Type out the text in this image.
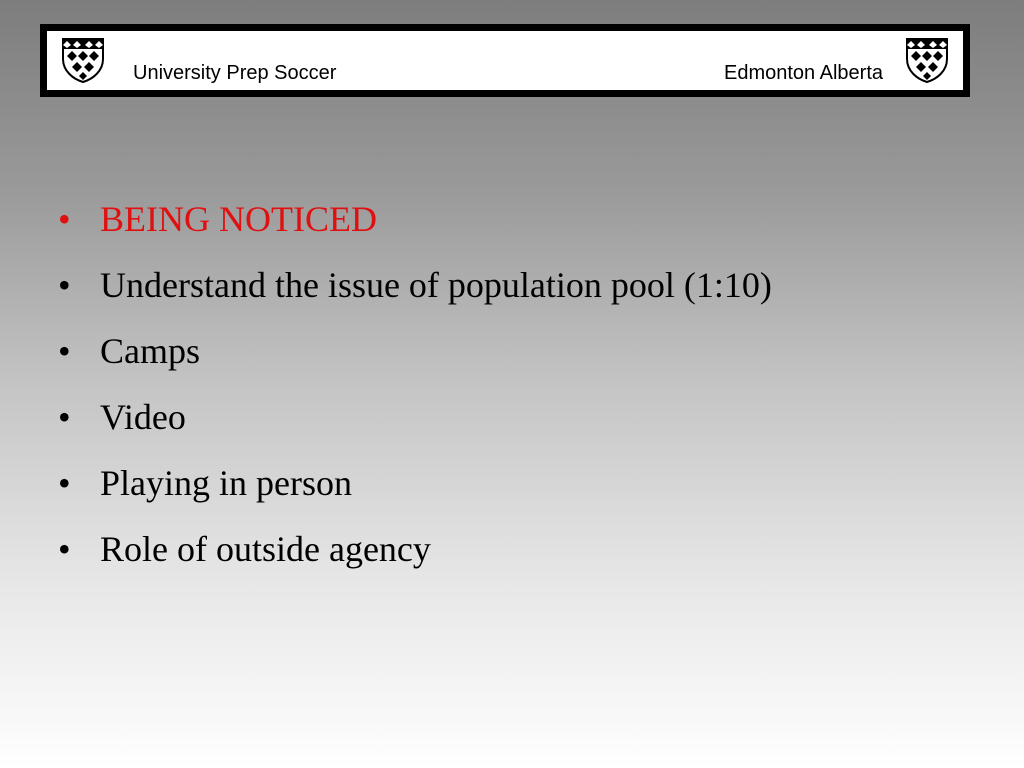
University Prep Soccer	Edmonton Alberta
• BEING NOTICED
• Understand the issue of population pool (1:10)
• Camps
• Video
• Playing in person
• Role of outside agency
